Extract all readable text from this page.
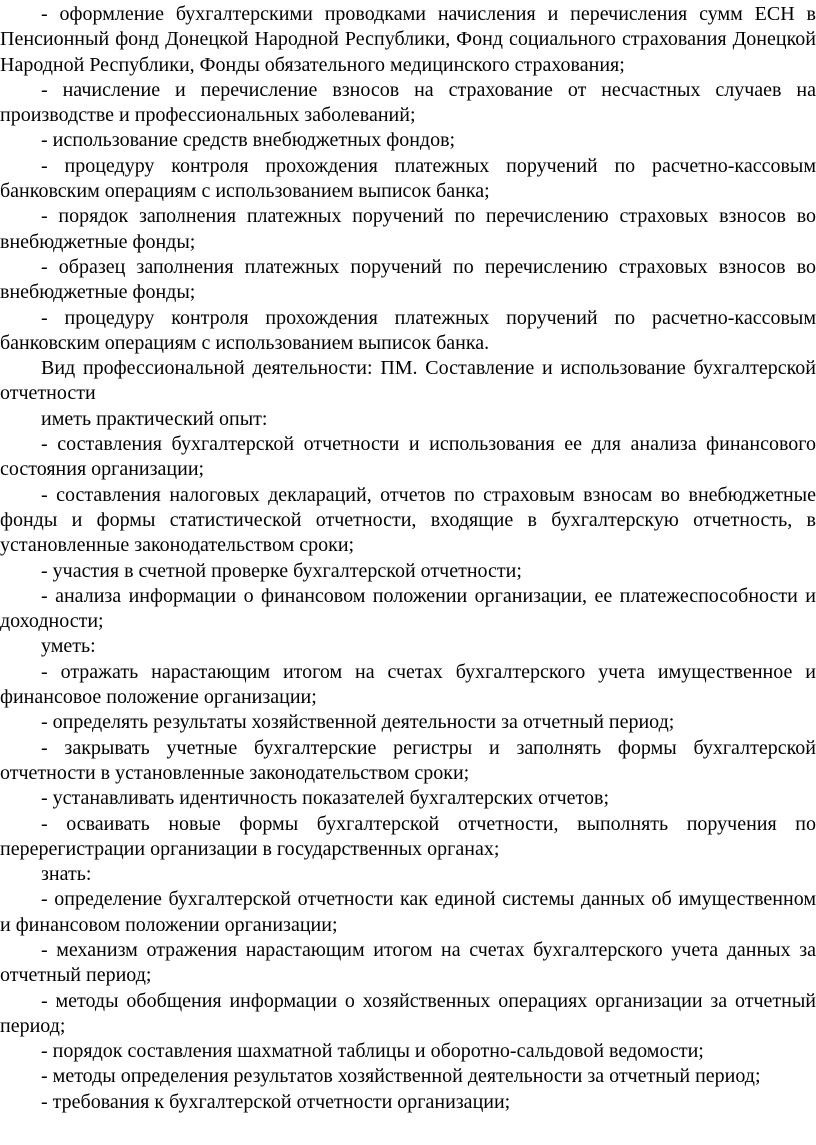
- оформление бухгалтерскими проводками начисления и перечисления сумм ЕСН в Пенсионный фонд Донецкой Народной Республики, Фонд социального страхования Донецкой Народной Республики, Фонды обязательного медицинского страхования;

- начисление и перечисление взносов на страхование от несчастных случаев на производстве и профессиональных заболеваний;

- использование средств внебюджетных фондов;

- процедуру контроля прохождения платежных поручений по расчетно-кассовым банковским операциям с использованием выписок банка;

- порядок заполнения платежных поручений по перечислению страховых взносов во внебюджетные фонды;

- образец заполнения платежных поручений по перечислению страховых взносов во внебюджетные фонды;

- процедуру контроля прохождения платежных поручений по расчетно-кассовым банковским операциям с использованием выписок банка.

Вид профессиональной деятельности: ПМ. Составление и использование бухгалтерской отчетности

иметь практический опыт:

- составления бухгалтерской отчетности и использования ее для анализа финансового состояния организации;

- составления налоговых деклараций, отчетов по страховым взносам во внебюджетные фонды и формы статистической отчетности, входящие в бухгалтерскую отчетность, в установленные законодательством сроки;

- участия в счетной проверке бухгалтерской отчетности;

- анализа информации о финансовом положении организации, ее платежеспособности и доходности;

уметь:

- отражать нарастающим итогом на счетах бухгалтерского учета имущественное и финансовое положение организации;

- определять результаты хозяйственной деятельности за отчетный период;

- закрывать учетные бухгалтерские регистры и заполнять формы бухгалтерской отчетности в установленные законодательством сроки;

- устанавливать идентичность показателей бухгалтерских отчетов;

- осваивать новые формы бухгалтерской отчетности, выполнять поручения по перерегистрации организации в государственных органах;

знать:

- определение бухгалтерской отчетности как единой системы данных об имущественном и финансовом положении организации;

- механизм отражения нарастающим итогом на счетах бухгалтерского учета данных за отчетный период;

- методы обобщения информации о хозяйственных операциях организации за отчетный период;

- порядок составления шахматной таблицы и оборотно-сальдовой ведомости;

- методы определения результатов хозяйственной деятельности за отчетный период;

- требования к бухгалтерской отчетности организации;
